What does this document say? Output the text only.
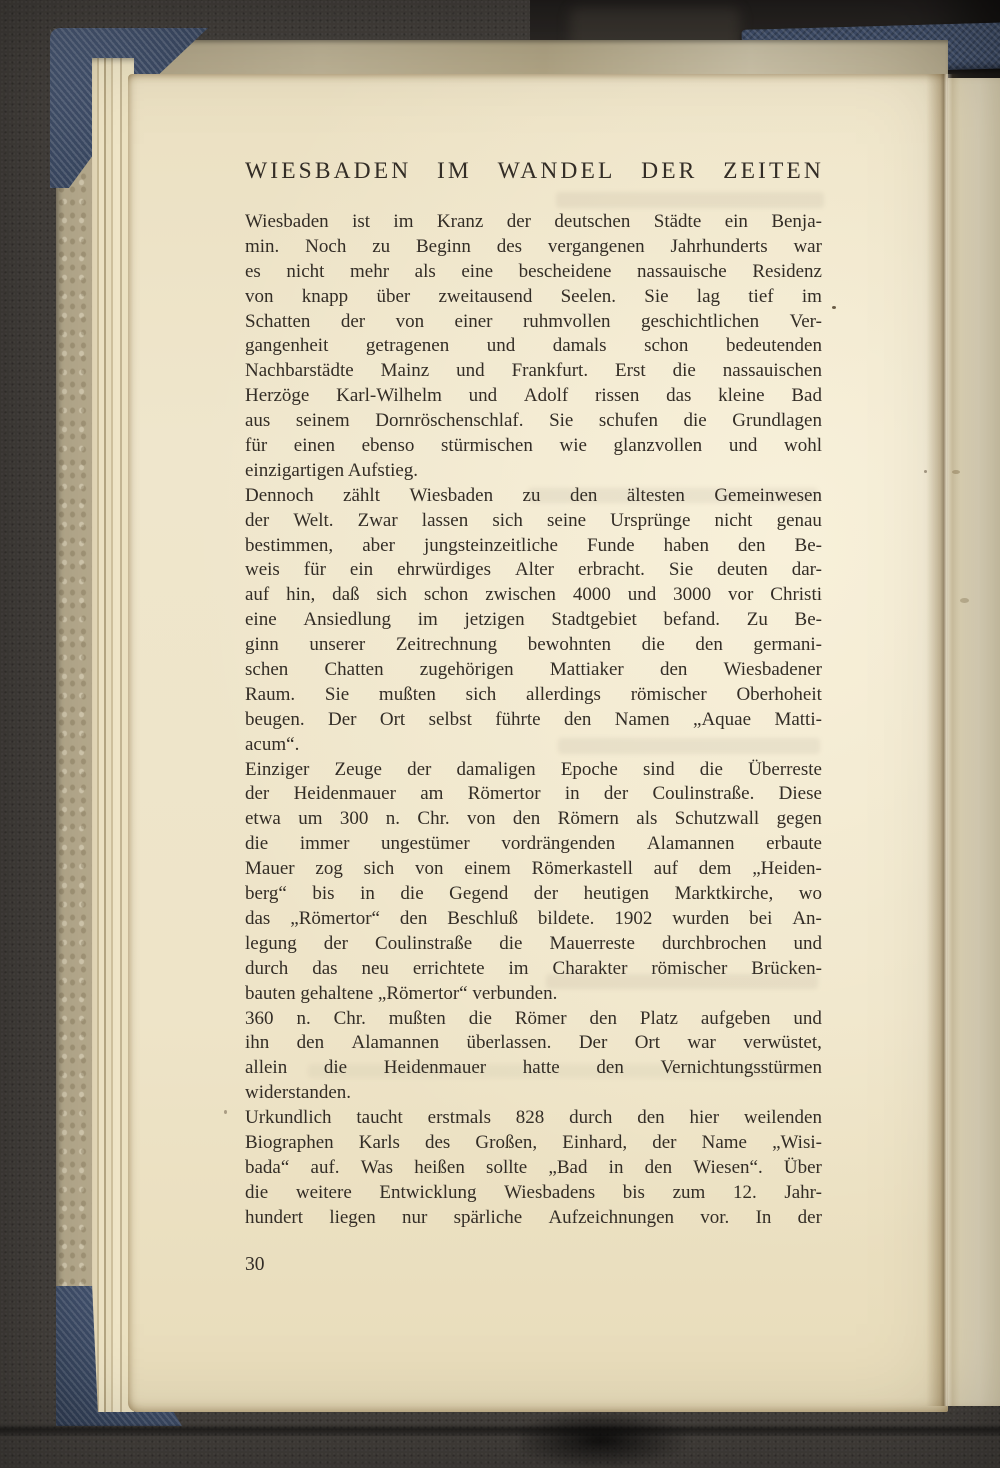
WIESBADEN IM WANDEL DER ZEITEN
Wiesbaden ist im Kranz der deutschen Städte ein Benja-
min. Noch zu Beginn des vergangenen Jahrhunderts war
es nicht mehr als eine bescheidene nassauische Residenz
von knapp über zweitausend Seelen. Sie lag tief im
Schatten der von einer ruhmvollen geschichtlichen Ver-
gangenheit getragenen und damals schon bedeutenden
Nachbarstädte Mainz und Frankfurt. Erst die nassauischen
Herzöge Karl-Wilhelm und Adolf rissen das kleine Bad
aus seinem Dornröschenschlaf. Sie schufen die Grundlagen
für einen ebenso stürmischen wie glanzvollen und wohl
einzigartigen Aufstieg.
Dennoch zählt Wiesbaden zu den ältesten Gemeinwesen
der Welt. Zwar lassen sich seine Ursprünge nicht genau
bestimmen, aber jungsteinzeitliche Funde haben den Be-
weis für ein ehrwürdiges Alter erbracht. Sie deuten dar-
auf hin, daß sich schon zwischen 4000 und 3000 vor Christi
eine Ansiedlung im jetzigen Stadtgebiet befand. Zu Be-
ginn unserer Zeitrechnung bewohnten die den germani-
schen Chatten zugehörigen Mattiaker den Wiesbadener
Raum. Sie mußten sich allerdings römischer Oberhoheit
beugen. Der Ort selbst führte den Namen „Aquae Matti-
acum“.
Einziger Zeuge der damaligen Epoche sind die Überreste
der Heidenmauer am Römertor in der Coulinstraße. Diese
etwa um 300 n. Chr. von den Römern als Schutzwall gegen
die immer ungestümer vordrängenden Alamannen erbaute
Mauer zog sich von einem Römerkastell auf dem „Heiden-
berg“ bis in die Gegend der heutigen Marktkirche, wo
das „Römertor“ den Beschluß bildete. 1902 wurden bei An-
legung der Coulinstraße die Mauerreste durchbrochen und
durch das neu errichtete im Charakter römischer Brücken-
bauten gehaltene „Römertor“ verbunden.
360 n. Chr. mußten die Römer den Platz aufgeben und
ihn den Alamannen überlassen. Der Ort war verwüstet,
allein die Heidenmauer hatte den Vernichtungsstürmen
widerstanden.
Urkundlich taucht erstmals 828 durch den hier weilenden
Biographen Karls des Großen, Einhard, der Name „Wisi-
bada“ auf. Was heißen sollte „Bad in den Wiesen“. Über
die weitere Entwicklung Wiesbadens bis zum 12. Jahr-
hundert liegen nur spärliche Aufzeichnungen vor. In der
30
